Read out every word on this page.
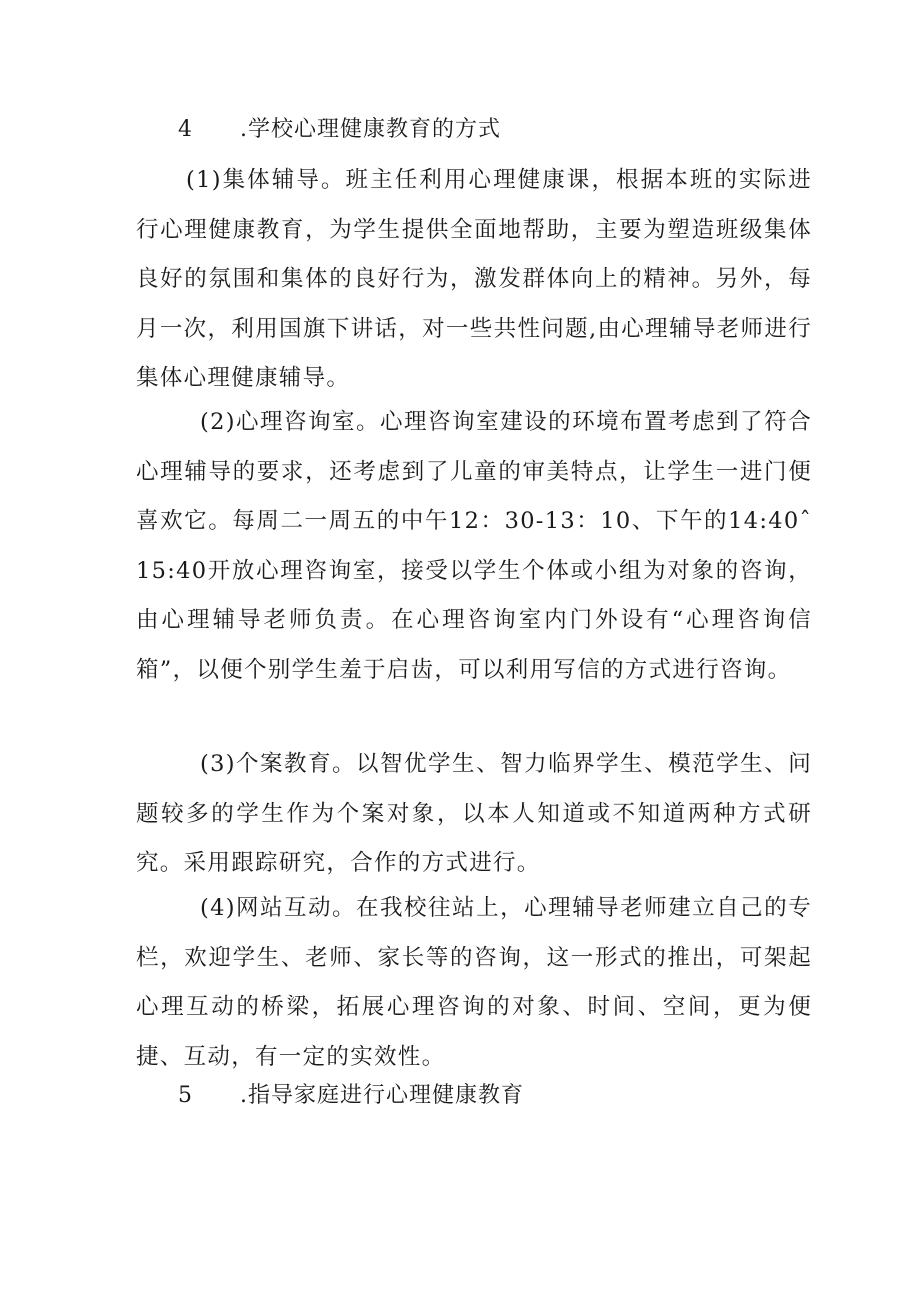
4 .学校心理健康教育的方式
(1)集体辅导。班主任利用心理健康课，根据本班的实际进行心理健康教育，为学生提供全面地帮助，主要为塑造班级集体良好的氛围和集体的良好行为，激发群体向上的精神。另外，每月一次，利用国旗下讲话，对一些共性问题,由心理辅导老师进行集体心理健康辅导。
(2)心理咨询室。心理咨询室建设的环境布置考虑到了符合心理辅导的要求，还考虑到了儿童的审美特点，让学生一进门便喜欢它。每周二一周五的中午12：30-13：10、下午的14:40ˆ15:40开放心理咨询室，接受以学生个体或小组为对象的咨询，由心理辅导老师负责。在心理咨询室内门外设有“心理咨询信箱”，以便个别学生羞于启齿，可以利用写信的方式进行咨询。
(3)个案教育。以智优学生、智力临界学生、模范学生、问题较多的学生作为个案对象，以本人知道或不知道两种方式研究。采用跟踪研究，合作的方式进行。
(4)网站互动。在我校往站上，心理辅导老师建立自己的专栏，欢迎学生、老师、家长等的咨询，这一形式的推出，可架起心理互动的桥梁，拓展心理咨询的对象、时间、空间，更为便捷、互动，有一定的实效性。
5 .指导家庭进行心理健康教育
